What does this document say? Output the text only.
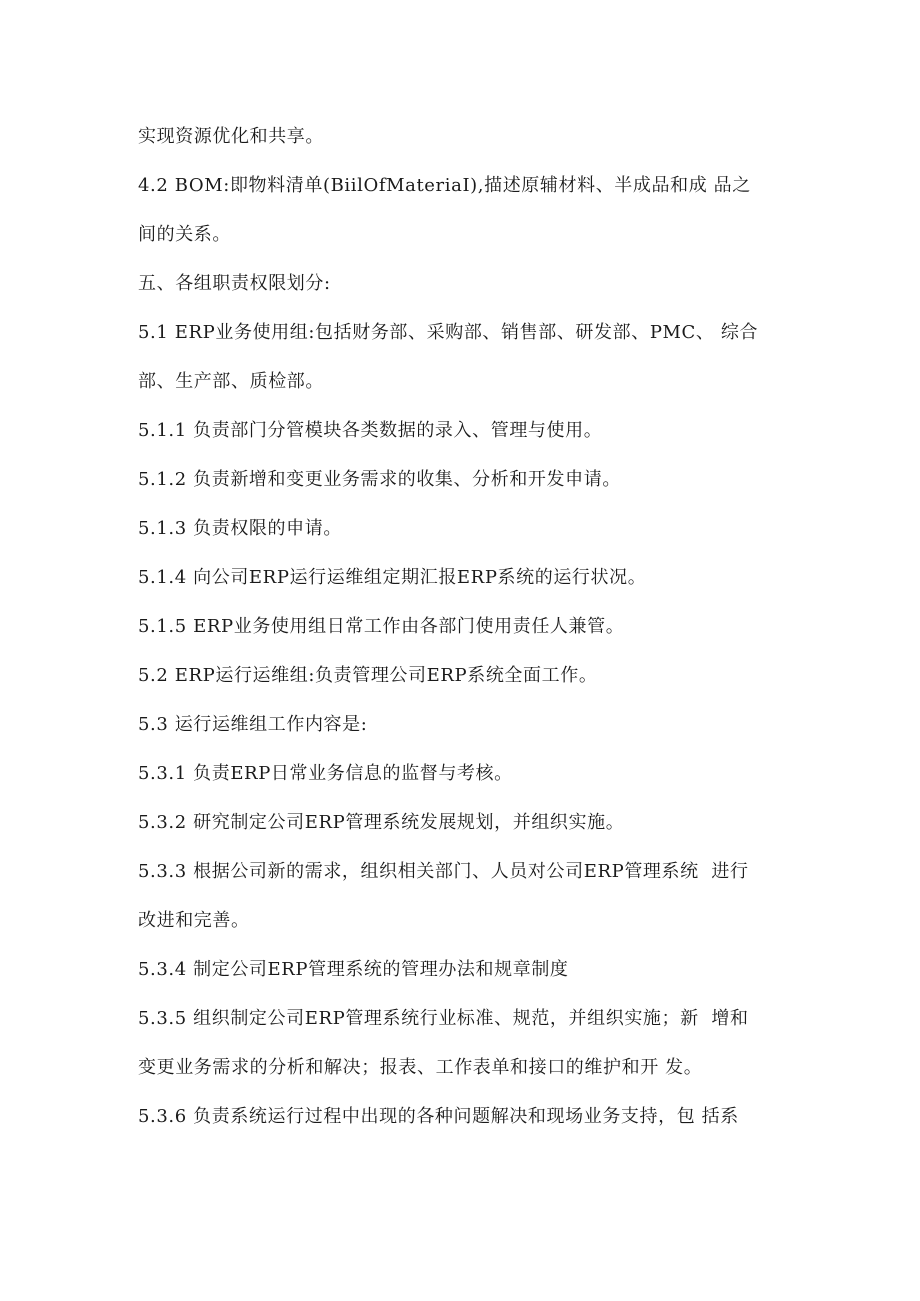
实现资源优化和共享。
4.2 BOM:即物料清单(BiilOfMateriaI),描述原辅材料、半成品和成 品之
间的关系。
五、各组职责权限划分:
5.1 ERP业务使用组:包括财务部、采购部、销售部、研发部、PMC、 综合
部、生产部、质检部。
5.1.1 负责部门分管模块各类数据的录入、管理与使用。
5.1.2 负责新增和变更业务需求的收集、分析和开发申请。
5.1.3 负责权限的申请。
5.1.4 向公司ERP运行运维组定期汇报ERP系统的运行状况。
5.1.5 ERP业务使用组日常工作由各部门使用责任人兼管。
5.2 ERP运行运维组:负责管理公司ERP系统全面工作。
5.3 运行运维组工作内容是:
5.3.1 负责ERP日常业务信息的监督与考核。
5.3.2 研究制定公司ERP管理系统发展规划，并组织实施。
5.3.3 根据公司新的需求，组织相关部门、人员对公司ERP管理系统  进行
改进和完善。
5.3.4 制定公司ERP管理系统的管理办法和规章制度
5.3.5 组织制定公司ERP管理系统行业标准、规范，并组织实施；新  增和
变更业务需求的分析和解决；报表、工作表单和接口的维护和开 发。
5.3.6 负责系统运行过程中出现的各种问题解决和现场业务支持，包 括系
